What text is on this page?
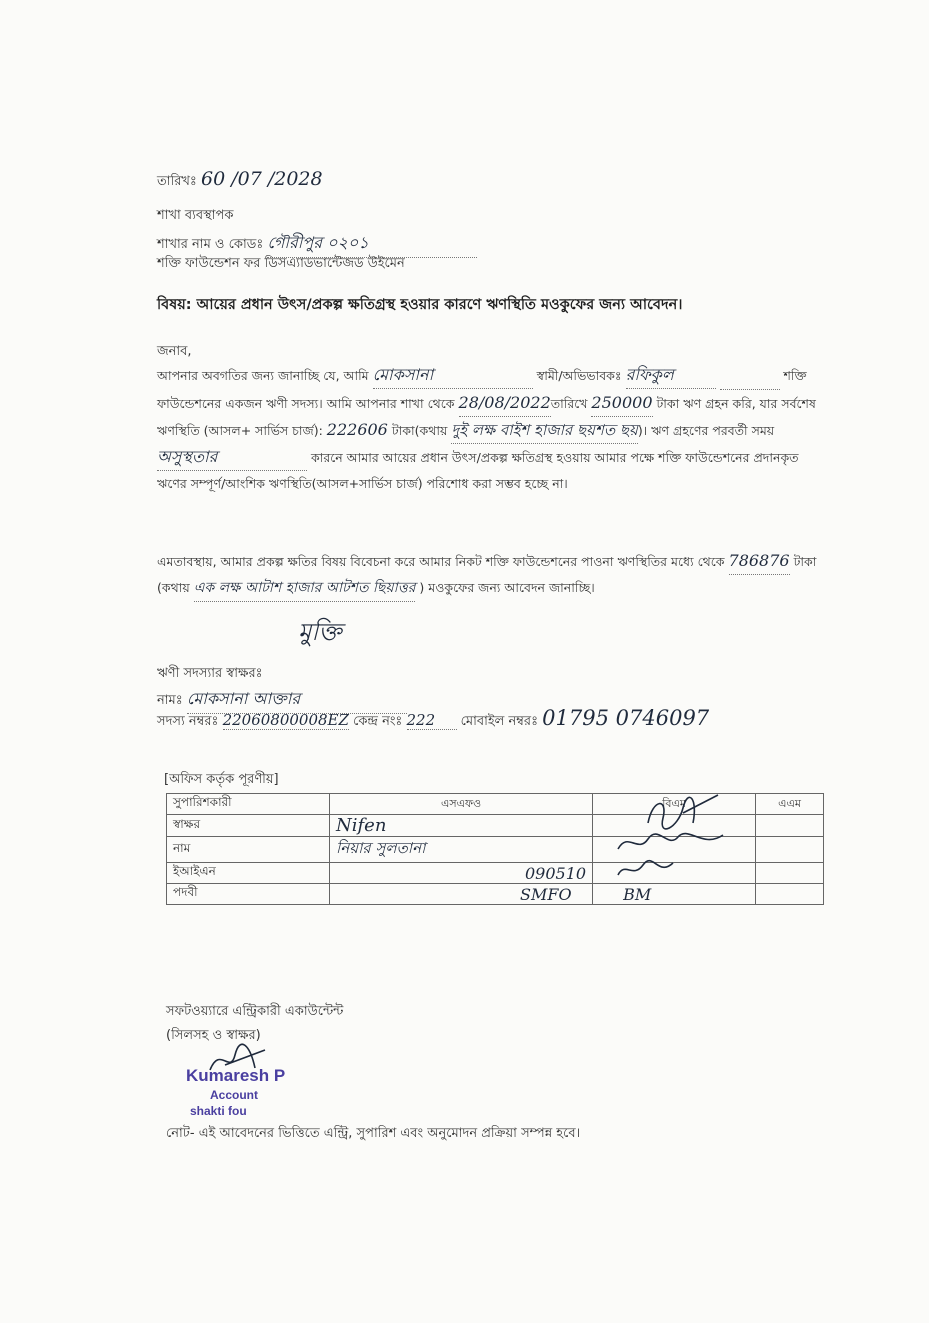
তারিখঃ 60 /07 /2028
শাখা ব্যবস্থাপক
শাখার নাম ও কোডঃ গৌরীপুর ০২০১
শক্তি ফাউন্ডেশন ফর ডিসএ্যাডভান্টেজড উইমেন
বিষয়: আয়ের প্রধান উৎস/প্রকল্প ক্ষতিগ্রস্থ হওয়ার কারণে ঋণস্থিতি মওকুফের জন্য আবেদন।
জনাব,
আপনার অবগতির জন্য জানাচ্ছি যে, আমি মোকসানা	স্বামী/অভিভাবকঃ রফিকুল	শক্তি ফাউন্ডেশনের একজন ঋণী সদস্য। আমি আপনার শাখা থেকে 28/08/2022তারিখে 250000 টাকা ঋণ গ্রহন করি, যার সর্বশেষ ঋণস্থিতি (আসল+ সার্ভিস চার্জ): 222606 টাকা(কথায় দুই লক্ষ বাইশ হাজার ছয়শত ছয়)। ঋণ গ্রহণের পরবর্তী সময় অসুস্থতার	কারনে আমার আয়ের প্রধান উৎস/প্রকল্প ক্ষতিগ্রস্থ হওয়ায় আমার পক্ষে শক্তি ফাউন্ডেশনের প্রদানকৃত ঋণের সম্পূর্ণ/আংশিক ঋণস্থিতি(আসল+সার্ভিস চার্জ) পরিশোধ করা সম্ভব হচ্ছে না।
এমতাবস্থায়, আমার প্রকল্প ক্ষতির বিষয় বিবেচনা করে আমার নিকট শক্তি ফাউন্ডেশনের পাওনা ঋণস্থিতির মধ্যে থেকে 786876 টাকা (কথায় এক লক্ষ আটাশ হাজার আটশত ছিয়াত্তর ) মওকুফের জন্য আবেদন জানাচ্ছি।
মুক্তি
ঋণী সদস্যার স্বাক্ষরঃ
নামঃ মোকসানা আক্তার
সদস্য নম্বরঃ 22060800008EZ কেন্দ্র নংঃ 222 মোবাইল নম্বরঃ 01795 0746097
[অফিস কর্তৃক পূরণীয়]
সুপারিশকারী	এসএফও	বিএম	এএম
স্বাক্ষর	Nifen	

নাম	নিয়ার সুলতানা	

ইআইএন	090510	

পদবী	SMFO	BM	
সফটওয়্যারে এন্ট্রিকারী একাউন্টেন্ট
(সিলসহ ও স্বাক্ষর)
Kumaresh P
Account
shakti fou
নোট- এই আবেদনের ভিত্তিতে এন্ট্রি, সুপারিশ এবং অনুমোদন প্রক্রিয়া সম্পন্ন হবে।
